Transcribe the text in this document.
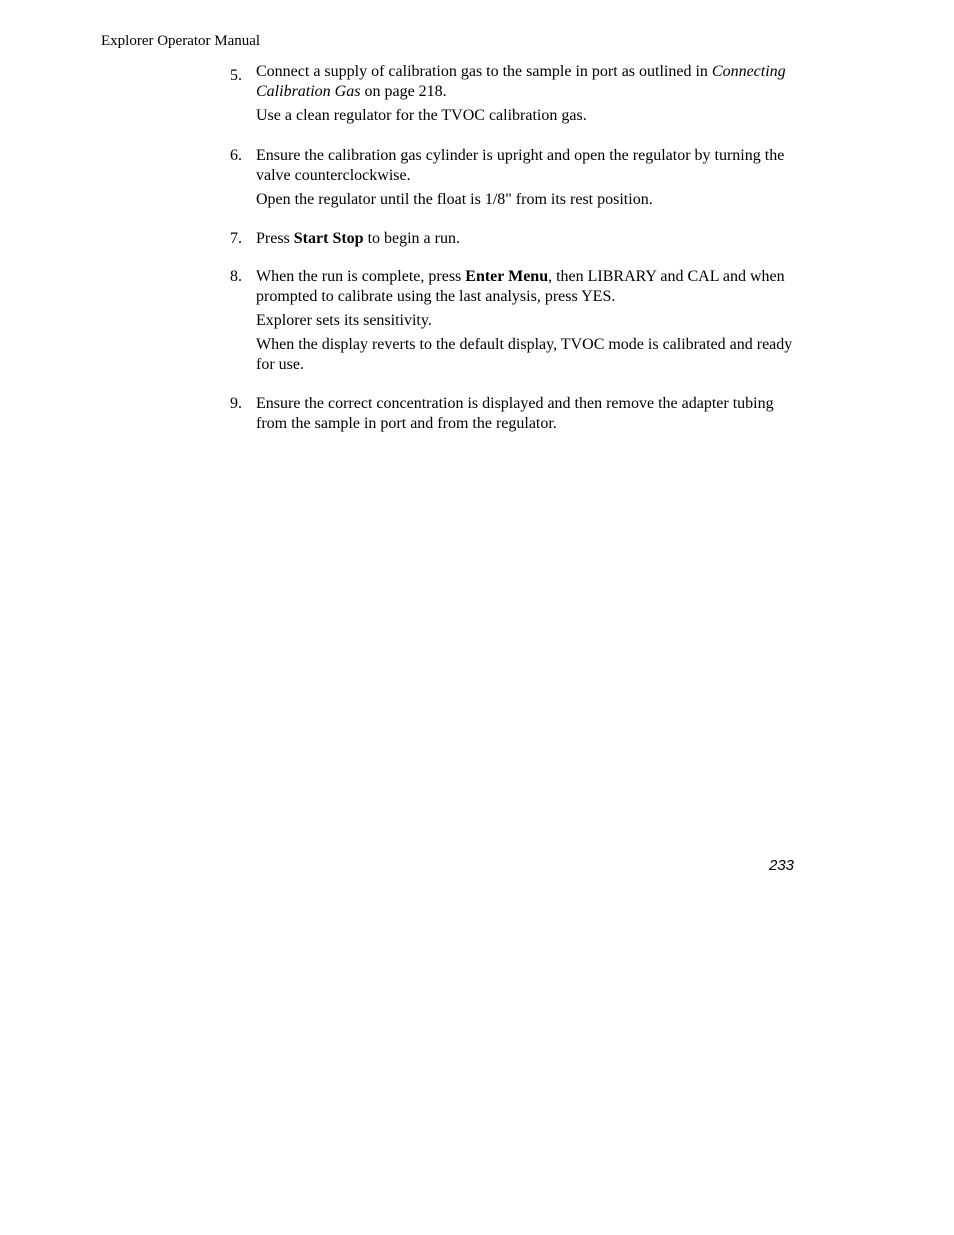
Explorer Operator Manual
5. Connect a supply of calibration gas to the sample in port as outlined in Connecting Calibration Gas on page 218.

Use a clean regulator for the TVOC calibration gas.

6. Ensure the calibration gas cylinder is upright and open the regulator by turning the valve counterclockwise.

Open the regulator until the float is 1/8" from its rest position.

7. Press Start Stop to begin a run.

8. When the run is complete, press Enter Menu, then LIBRARY and CAL and when prompted to calibrate using the last analysis, press YES.

Explorer sets its sensitivity.

When the display reverts to the default display, TVOC mode is calibrated and ready for use.

9. Ensure the correct concentration is displayed and then remove the adapter tubing from the sample in port and from the regulator.

233
